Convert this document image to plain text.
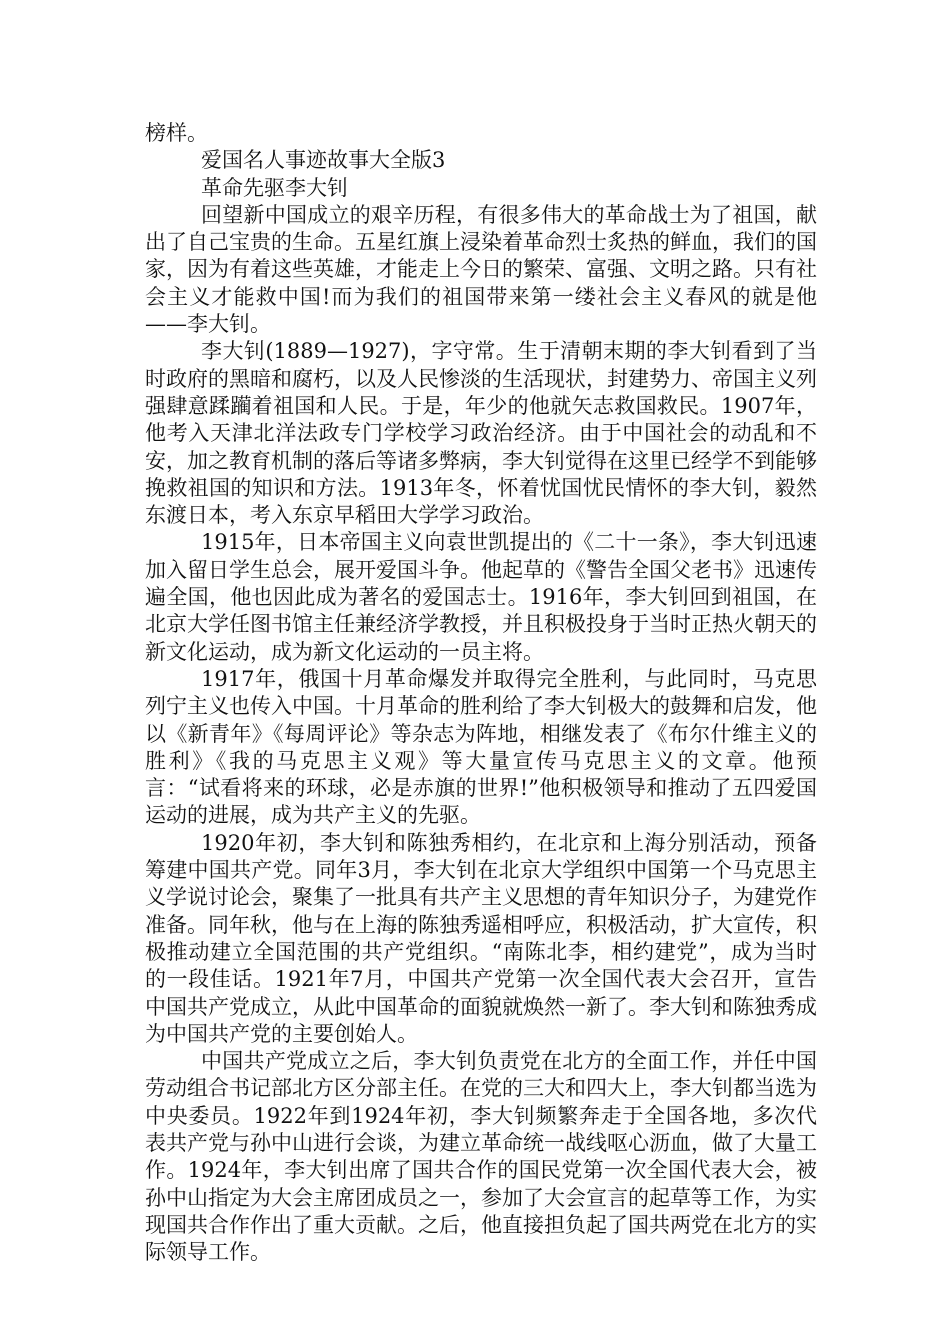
榜样。

爱国名人事迹故事大全版3

革命先驱李大钊

回望新中国成立的艰辛历程，有很多伟大的革命战士为了祖国，献出了自己宝贵的生命。五星红旗上浸染着革命烈士炙热的鲜血，我们的国家，因为有着这些英雄，才能走上今日的繁荣、富强、文明之路。只有社会主义才能救中国!而为我们的祖国带来第一缕社会主义春风的就是他——李大钊。

李大钊(1889—1927)，字守常。生于清朝末期的李大钊看到了当时政府的黑暗和腐朽，以及人民惨淡的生活现状，封建势力、帝国主义列强肆意蹂躏着祖国和人民。于是，年少的他就矢志救国救民。1907年，他考入天津北洋法政专门学校学习政治经济。由于中国社会的动乱和不安，加之教育机制的落后等诸多弊病，李大钊觉得在这里已经学不到能够挽救祖国的知识和方法。1913年冬，怀着忧国忧民情怀的李大钊，毅然东渡日本，考入东京早稻田大学学习政治。

1915年，日本帝国主义向袁世凯提出的《二十一条》，李大钊迅速加入留日学生总会，展开爱国斗争。他起草的《警告全国父老书》迅速传遍全国，他也因此成为著名的爱国志士。1916年，李大钊回到祖国，在北京大学任图书馆主任兼经济学教授，并且积极投身于当时正热火朝天的新文化运动，成为新文化运动的一员主将。

1917年，俄国十月革命爆发并取得完全胜利，与此同时，马克思列宁主义也传入中国。十月革命的胜利给了李大钊极大的鼓舞和启发，他以《新青年》《每周评论》等杂志为阵地，相继发表了《布尔什维主义的胜利》《我的马克思主义观》等大量宣传马克思主义的文章。他预言：“试看将来的环球，必是赤旗的世界!”他积极领导和推动了五四爱国运动的进展，成为共产主义的先驱。

1920年初，李大钊和陈独秀相约，在北京和上海分别活动，预备筹建中国共产党。同年3月，李大钊在北京大学组织中国第一个马克思主义学说讨论会，聚集了一批具有共产主义思想的青年知识分子，为建党作准备。同年秋，他与在上海的陈独秀遥相呼应，积极活动，扩大宣传，积极推动建立全国范围的共产党组织。“南陈北李，相约建党”，成为当时的一段佳话。1921年7月，中国共产党第一次全国代表大会召开，宣告中国共产党成立，从此中国革命的面貌就焕然一新了。李大钊和陈独秀成为中国共产党的主要创始人。

中国共产党成立之后，李大钊负责党在北方的全面工作，并任中国劳动组合书记部北方区分部主任。在党的三大和四大上，李大钊都当选为中央委员。1922年到1924年初，李大钊频繁奔走于全国各地，多次代表共产党与孙中山进行会谈，为建立革命统一战线呕心沥血，做了大量工作。1924年，李大钊出席了国共合作的国民党第一次全国代表大会，被孙中山指定为大会主席团成员之一，参加了大会宣言的起草等工作，为实现国共合作作出了重大贡献。之后，他直接担负起了国共两党在北方的实际领导工作。
